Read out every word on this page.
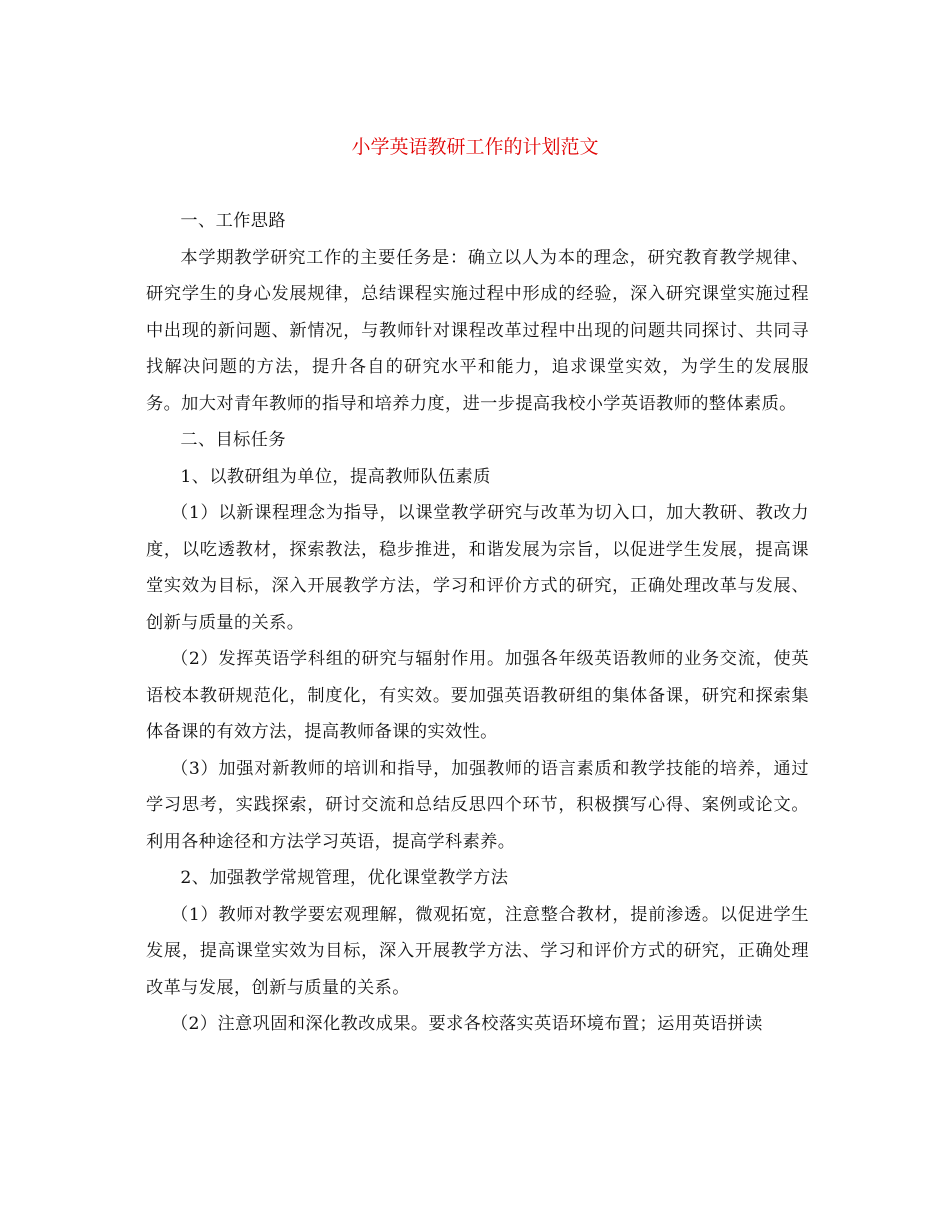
小学英语教研工作的计划范文

一、工作思路

本学期教学研究工作的主要任务是：确立以人为本的理念，研究教育教学规律、研究学生的身心发展规律，总结课程实施过程中形成的经验，深入研究课堂实施过程中出现的新问题、新情况，与教师针对课程改革过程中出现的问题共同探讨、共同寻找解决问题的方法，提升各自的研究水平和能力，追求课堂实效，为学生的发展服务。加大对青年教师的指导和培养力度，进一步提高我校小学英语教师的整体素质。

二、目标任务

1、以教研组为单位，提高教师队伍素质

（1）以新课程理念为指导，以课堂教学研究与改革为切入口，加大教研、教改力度，以吃透教材，探索教法，稳步推进，和谐发展为宗旨，以促进学生发展，提高课堂实效为目标，深入开展教学方法，学习和评价方式的研究，正确处理改革与发展、创新与质量的关系。

（2）发挥英语学科组的研究与辐射作用。加强各年级英语教师的业务交流，使英语校本教研规范化，制度化，有实效。要加强英语教研组的集体备课，研究和探索集体备课的有效方法，提高教师备课的实效性。

（3）加强对新教师的培训和指导，加强教师的语言素质和教学技能的培养，通过学习思考，实践探索，研讨交流和总结反思四个环节，积极撰写心得、案例或论文。利用各种途径和方法学习英语，提高学科素养。

2、加强教学常规管理，优化课堂教学方法

（1）教师对教学要宏观理解，微观拓宽，注意整合教材，提前渗透。以促进学生发展，提高课堂实效为目标，深入开展教学方法、学习和评价方式的研究，正确处理改革与发展，创新与质量的关系。

（2）注意巩固和深化教改成果。要求各校落实英语环境布置；运用英语拼读
